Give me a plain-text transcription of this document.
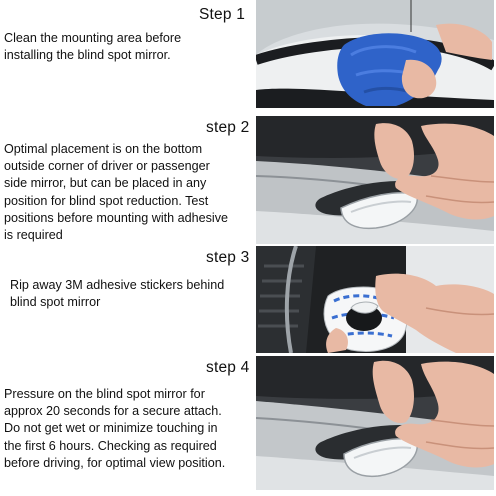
Step 1
Clean the mounting area before
installing the blind spot mirror.
step 2
Optimal placement is on the bottom
outside corner of driver or passenger
side mirror, but can be placed in any
position for blind spot reduction. Test
positions before mounting with adhesive
is required
step 3
Rip away 3M adhesive stickers behind
blind spot mirror
step 4
Pressure on the blind spot mirror for
approx 20 seconds for a secure attach.
Do not get wet or minimize touching in
the first 6 hours. Checking as required
before driving, for optimal view position.
